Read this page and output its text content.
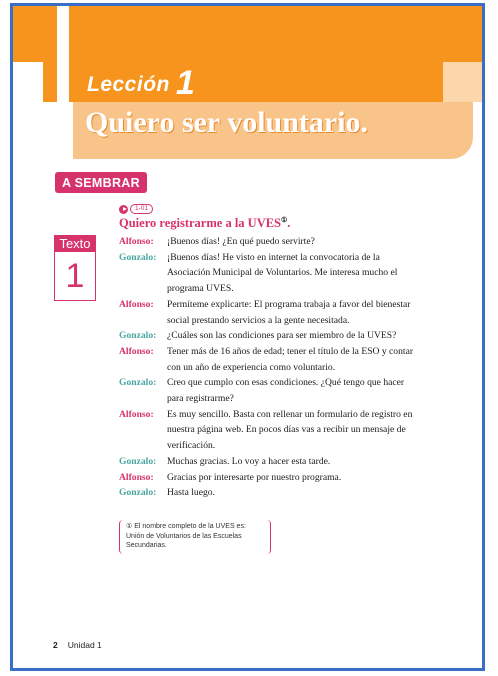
Lección 1
Quiero ser voluntario.
A SEMBRAR
1-01
Quiero registrarme a la UVES①.
Texto
1
Alfonso:	¡Buenos días! ¿En qué puedo servirte?
Gonzalo:	¡Buenos días! He visto en internet la convocatoria de la Asociación Municipal de Voluntarios. Me interesa mucho el programa UVES.
Alfonso:	Permíteme explicarte: El programa trabaja a favor del bienestar social prestando servicios a la gente necesitada.
Gonzalo:	¿Cuáles son las condiciones para ser miembro de la UVES?
Alfonso:	Tener más de 16 años de edad; tener el título de la ESO y contar con un año de experiencia como voluntario.
Gonzalo:	Creo que cumplo con esas condiciones. ¿Qué tengo que hacer para registrarme?
Alfonso:	Es muy sencillo. Basta con rellenar un formulario de registro en nuestra página web. En pocos días vas a recibir un mensaje de verificación.
Gonzalo:	Muchas gracias. Lo voy a hacer esta tarde.
Alfonso:	Gracias por interesarte por nuestro programa.
Gonzalo:	Hasta luego.
① El nombre completo de la UVES es: Unión de Voluntarios de las Escuelas Secundarias.
2 Unidad 1
